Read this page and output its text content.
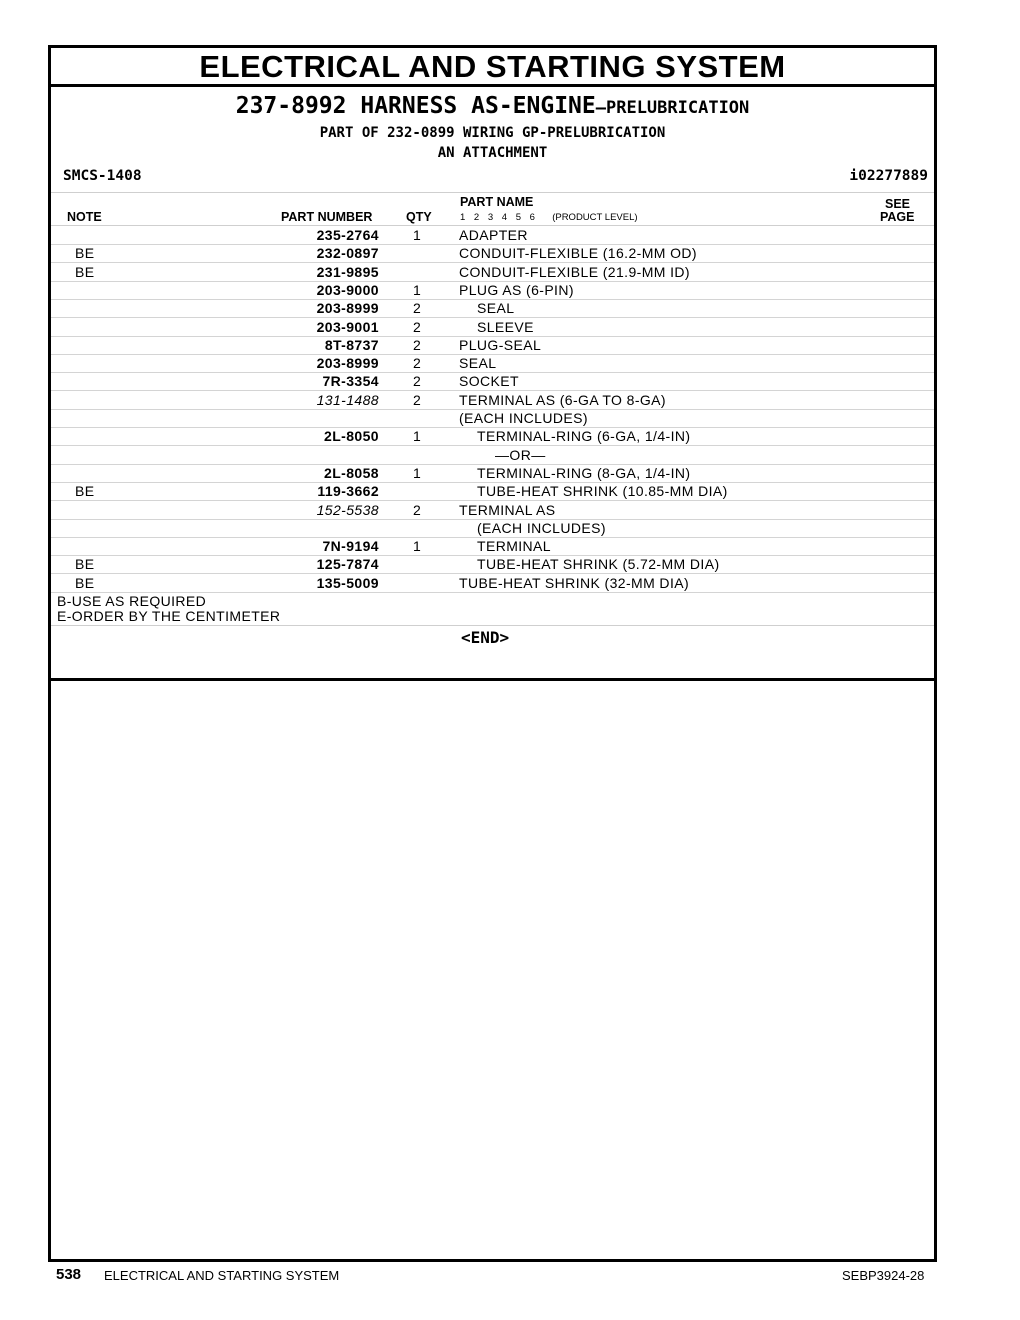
ELECTRICAL AND STARTING SYSTEM
237-8992 HARNESS AS-ENGINE—PRELUBRICATION
PART OF 232-0899 WIRING GP-PRELUBRICATION
AN ATTACHMENT
SMCS-1408	i02277889
NOTE	PART NUMBER	QTY
PART NAME
1 2 3 4 5 6 (PRODUCT LEVEL)
SEE
PAGE
235-2764 1	ADAPTER
BE	232-0897	CONDUIT-FLEXIBLE (16.2-MM OD)
BE	231-9895	CONDUIT-FLEXIBLE (21.9-MM ID)
203-9000 1	PLUG AS (6-PIN)
203-8999 2	SEAL
203-9001 2	SLEEVE
8T-8737 2	PLUG-SEAL
203-8999 2	SEAL
7R-3354 2	SOCKET
131-1488 2	TERMINAL AS (6-GA TO 8-GA)
(EACH INCLUDES)
2L-8050 1	TERMINAL-RING (6-GA, 1/4-IN)
—OR—
2L-8058 1	TERMINAL-RING (8-GA, 1/4-IN)
BE	119-3662	TUBE-HEAT SHRINK (10.85-MM DIA)
152-5538 2	TERMINAL AS
(EACH INCLUDES)
7N-9194 1	TERMINAL
BE	125-7874	TUBE-HEAT SHRINK (5.72-MM DIA)
BE	135-5009	TUBE-HEAT SHRINK (32-MM DIA)
B-USE AS REQUIRED
E-ORDER BY THE CENTIMETER
<END>
538 ELECTRICAL AND STARTING SYSTEM	SEBP3924-28
